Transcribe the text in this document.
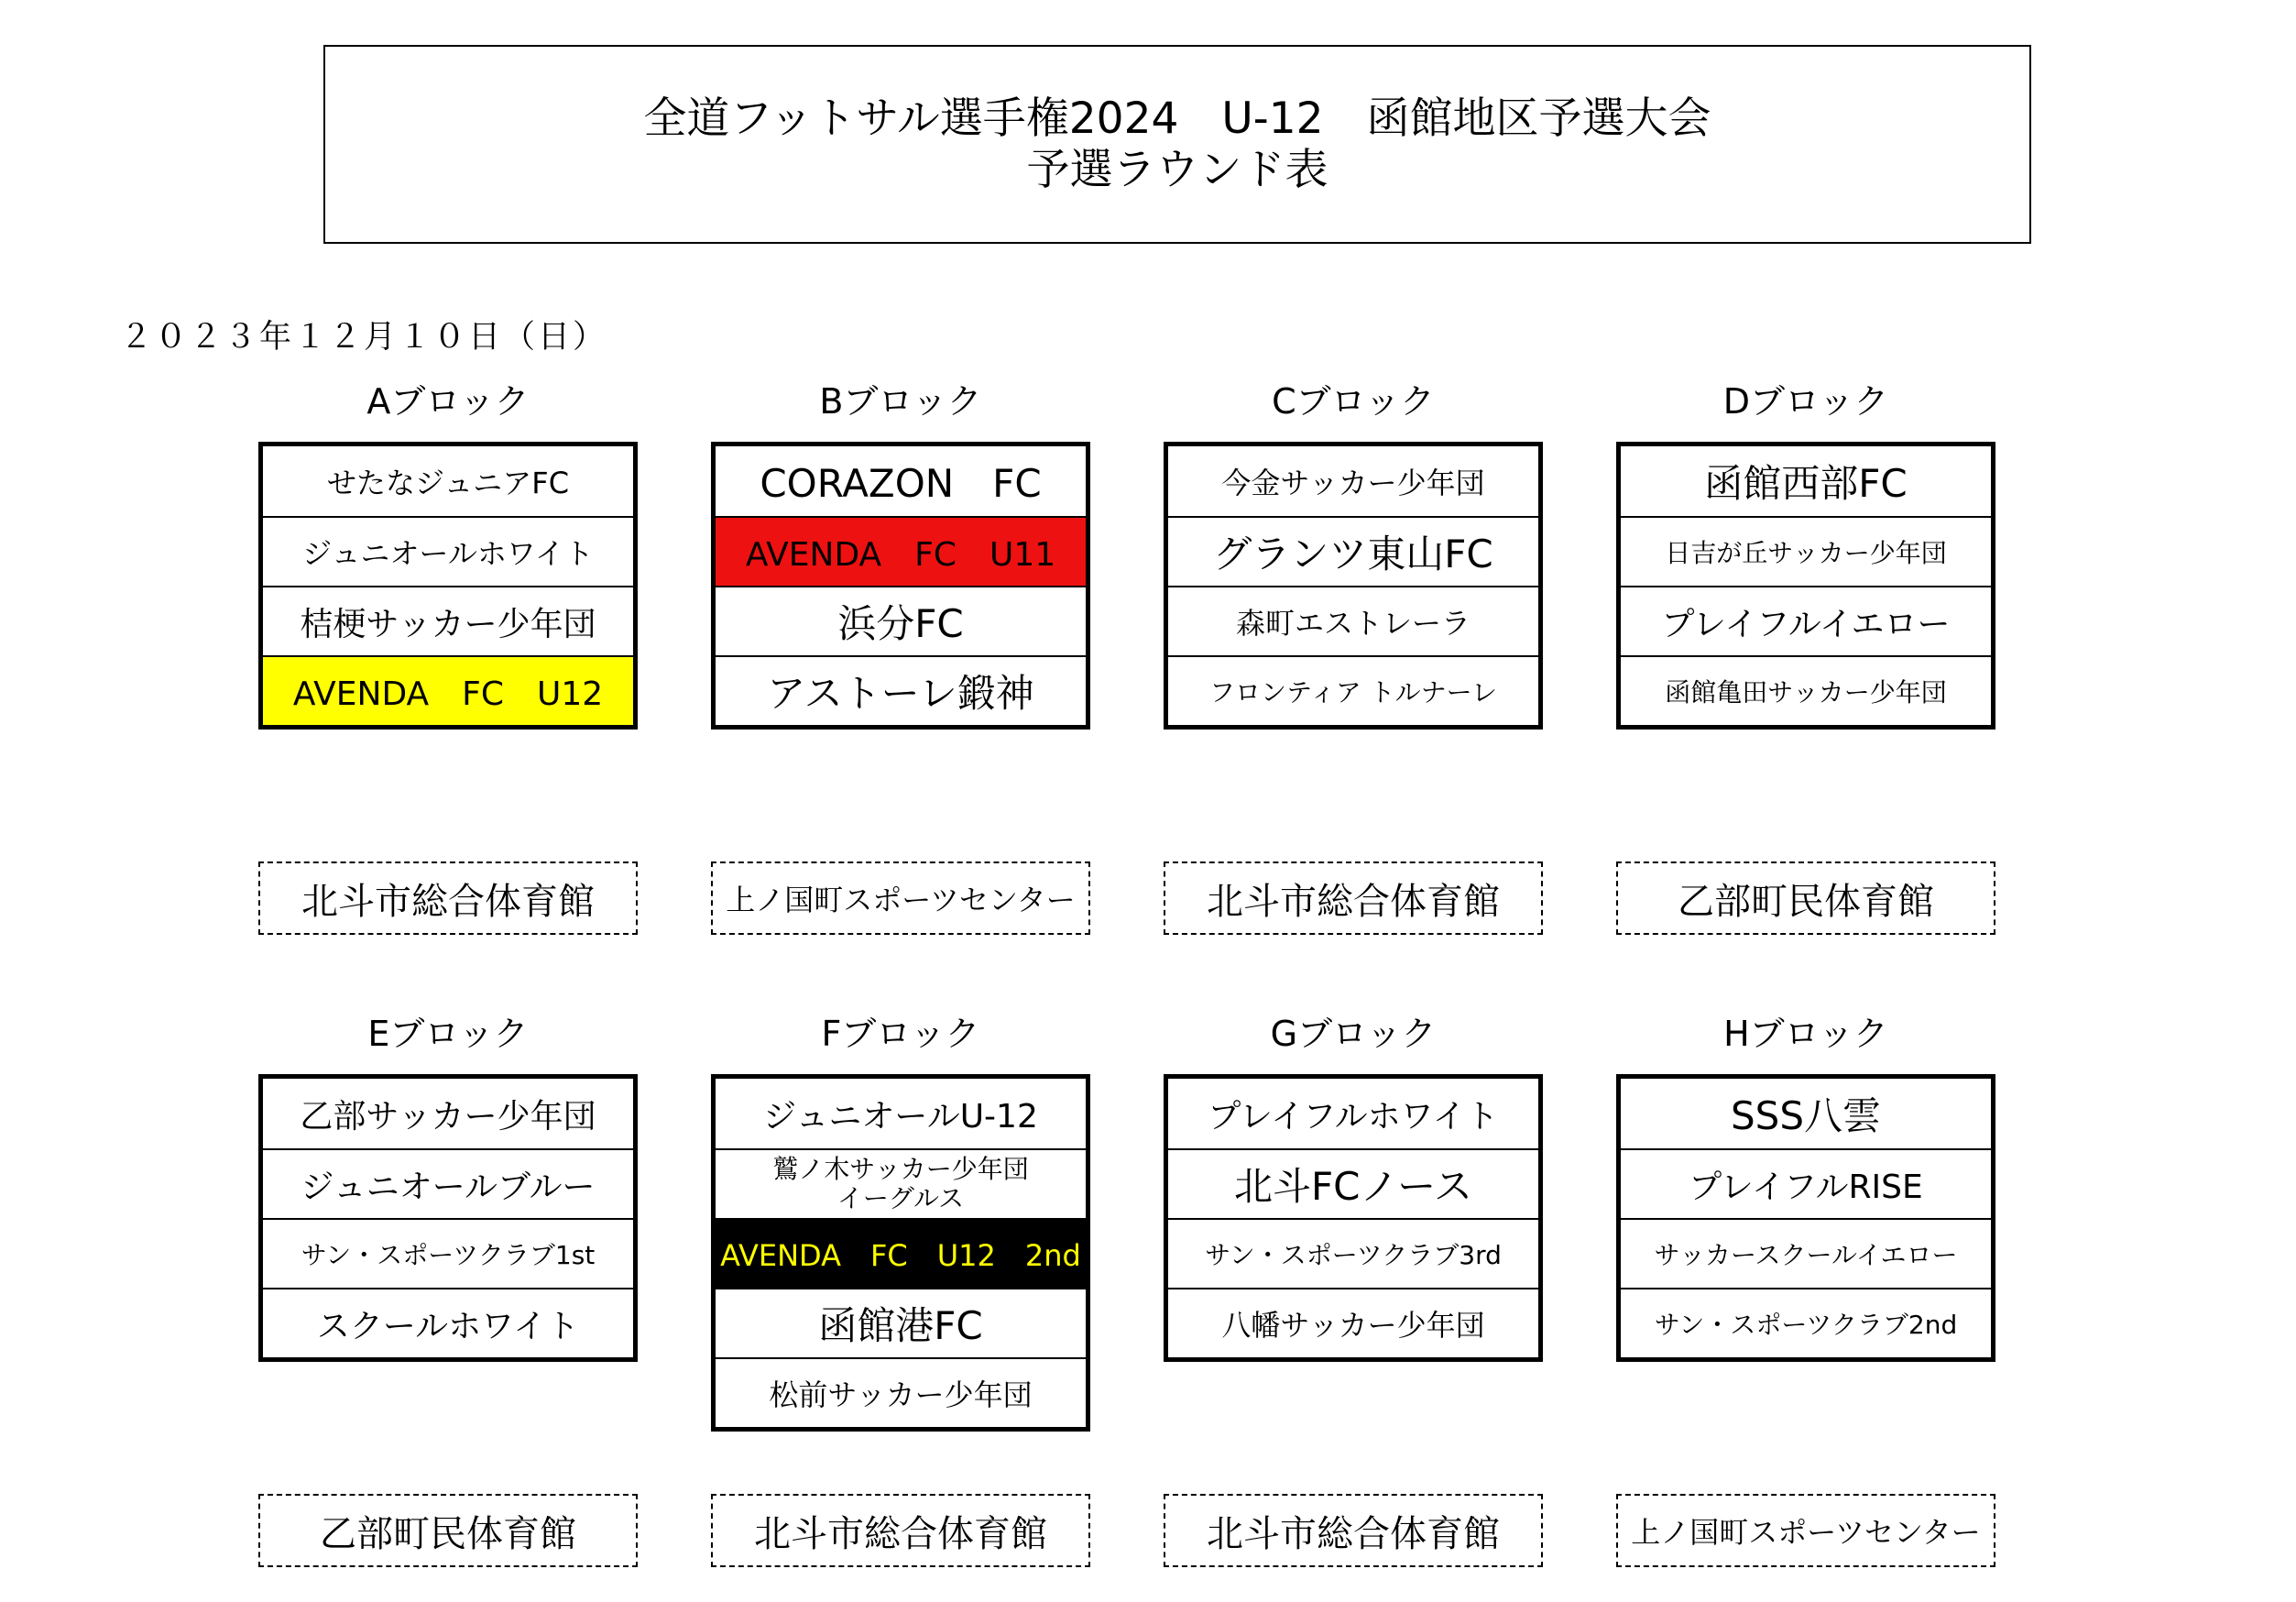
全道フットサル選手権2024　U-12　函館地区予選大会
予選ラウンド表
２０２３年１２月１０日（日）
Aブロック
せたなジュニアFC
ジュニオールホワイト
桔梗サッカー少年団
AVENDA　FC　U12
Bブロック
CORAZON　FC
AVENDA　FC　U11
浜分FC
アストーレ鍛神
Cブロック
今金サッカー少年団
グランツ東山FC
森町エストレーラ
フロンティア トルナーレ
Dブロック
函館西部FC
日吉が丘サッカー少年団
プレイフルイエロー
函館亀田サッカー少年団
北斗市総合体育館	上ノ国町スポーツセンター	北斗市総合体育館	乙部町民体育館
Eブロック
乙部サッカー少年団
ジュニオールブルー
サン・スポーツクラブ1st
スクールホワイト
Fブロック
ジュニオールU-12
鷲ノ木サッカー少年団
イーグルス
AVENDA　FC　U12　2nd
函館港FC
松前サッカー少年団
Gブロック
プレイフルホワイト
北斗FCノース
サン・スポーツクラブ3rd
八幡サッカー少年団
Hブロック
SSS八雲
プレイフルRISE
サッカースクールイエロー
サン・スポーツクラブ2nd
乙部町民体育館	北斗市総合体育館	北斗市総合体育館	上ノ国町スポーツセンター
